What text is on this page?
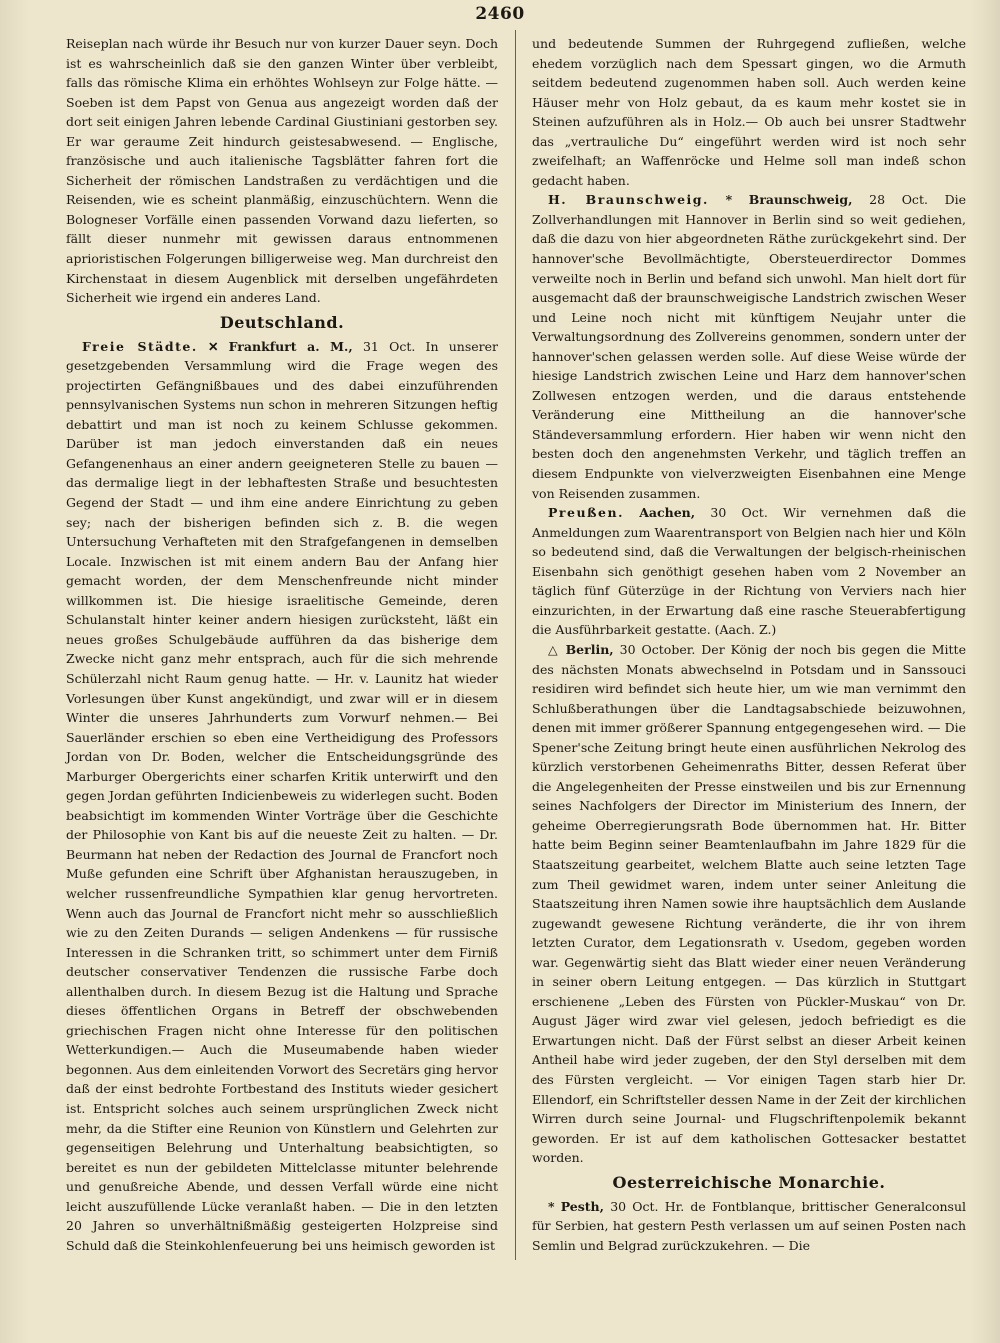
2460

Reiseplan nach würde ihr Besuch nur von kurzer Dauer seyn. Doch ist es wahrscheinlich daß sie den ganzen Winter über verbleibt, falls das römische Klima ein erhöhtes Wohlseyn zur Folge hätte. — Soeben ist dem Papst von Genua aus angezeigt worden daß der dort seit einigen Jahren lebende Cardinal Giustiniani gestorben sey. Er war geraume Zeit hindurch geistesabwesend. — Englische, französische und auch italienische Tagsblätter fahren fort die Sicherheit der römischen Landstraßen zu verdächtigen und die Reisenden, wie es scheint planmäßig, einzuschüchtern. Wenn die Bologneser Vorfälle einen passenden Vorwand dazu lieferten, so fällt dieser nunmehr mit gewissen daraus entnommenen aprioristischen Folgerungen billigerweise weg. Man durchreist den Kirchenstaat in diesem Augenblick mit derselben ungefährdeten Sicherheit wie irgend ein anderes Land.

Deutschland.

Freie Städte. ✕ Frankfurt a. M., 31 Oct. In unserer gesetzgebenden Versammlung wird die Frage wegen des projectirten Gefängnißbaues und des dabei einzuführenden pennsylvanischen Systems nun schon in mehreren Sitzungen heftig debattirt und man ist noch zu keinem Schlusse gekommen. Darüber ist man jedoch einverstanden daß ein neues Gefangenenhaus an einer andern geeigneteren Stelle zu bauen — das dermalige liegt in der lebhaftesten Straße und besuchtesten Gegend der Stadt — und ihm eine andere Einrichtung zu geben sey; nach der bisherigen befinden sich z. B. die wegen Untersuchung Verhafteten mit den Strafgefangenen in demselben Locale. Inzwischen ist mit einem andern Bau der Anfang hier gemacht worden, der dem Menschenfreunde nicht minder willkommen ist. Die hiesige israelitische Gemeinde, deren Schulanstalt hinter keiner andern hiesigen zurücksteht, läßt ein neues großes Schulgebäude aufführen da das bisherige dem Zwecke nicht ganz mehr entsprach, auch für die sich mehrende Schülerzahl nicht Raum genug hatte. — Hr. v. Launitz hat wieder Vorlesungen über Kunst angekündigt, und zwar will er in diesem Winter die unseres Jahrhunderts zum Vorwurf nehmen.— Bei Sauerländer erschien so eben eine Vertheidigung des Professors Jordan von Dr. Boden, welcher die Entscheidungsgründe des Marburger Obergerichts einer scharfen Kritik unterwirft und den gegen Jordan geführten Indicienbeweis zu widerlegen sucht. Boden beabsichtigt im kommenden Winter Vorträge über die Geschichte der Philosophie von Kant bis auf die neueste Zeit zu halten. — Dr. Beurmann hat neben der Redaction des Journal de Francfort noch Muße gefunden eine Schrift über Afghanistan herauszugeben, in welcher russenfreundliche Sympathien klar genug hervortreten. Wenn auch das Journal de Francfort nicht mehr so ausschließlich wie zu den Zeiten Durands — seligen Andenkens — für russische Interessen in die Schranken tritt, so schimmert unter dem Firniß deutscher conservativer Tendenzen die russische Farbe doch allenthalben durch. In diesem Bezug ist die Haltung und Sprache dieses öffentlichen Organs in Betreff der obschwebenden griechischen Fragen nicht ohne Interesse für den politischen Wetterkundigen.— Auch die Museumabende haben wieder begonnen. Aus dem einleitenden Vorwort des Secretärs ging hervor daß der einst bedrohte Fortbestand des Instituts wieder gesichert ist. Entspricht solches auch seinem ursprünglichen Zweck nicht mehr, da die Stifter eine Reunion von Künstlern und Gelehrten zur gegenseitigen Belehrung und Unterhaltung beabsichtigten, so bereitet es nun der gebildeten Mittelclasse mitunter belehrende und genußreiche Abende, und dessen Verfall würde eine nicht leicht auszufüllende Lücke veranlaßt haben. — Die in den letzten 20 Jahren so unverhältnißmäßig gesteigerten Holzpreise sind Schuld daß die Steinkohlenfeuerung bei uns heimisch geworden ist

und bedeutende Summen der Ruhrgegend zufließen, welche ehedem vorzüglich nach dem Spessart gingen, wo die Armuth seitdem bedeutend zugenommen haben soll. Auch werden keine Häuser mehr von Holz gebaut, da es kaum mehr kostet sie in Steinen aufzuführen als in Holz.— Ob auch bei unsrer Stadtwehr das „vertrauliche Du“ eingeführt werden wird ist noch sehr zweifelhaft; an Waffenröcke und Helme soll man indeß schon gedacht haben.

H. Braunschweig. * Braunschweig, 28 Oct. Die Zollverhandlungen mit Hannover in Berlin sind so weit gediehen, daß die dazu von hier abgeordneten Räthe zurückgekehrt sind. Der hannover'sche Bevollmächtigte, Obersteuerdirector Dommes verweilte noch in Berlin und befand sich unwohl. Man hielt dort für ausgemacht daß der braunschweigische Landstrich zwischen Weser und Leine noch nicht mit künftigem Neujahr unter die Verwaltungsordnung des Zollvereins genommen, sondern unter der hannover'schen gelassen werden solle. Auf diese Weise würde der hiesige Landstrich zwischen Leine und Harz dem hannover'schen Zollwesen entzogen werden, und die daraus entstehende Veränderung eine Mittheilung an die hannover'sche Ständeversammlung erfordern. Hier haben wir wenn nicht den besten doch den angenehmsten Verkehr, und täglich treffen an diesem Endpunkte von vielverzweigten Eisenbahnen eine Menge von Reisenden zusammen.

Preußen. Aachen, 30 Oct. Wir vernehmen daß die Anmeldungen zum Waarentransport von Belgien nach hier und Köln so bedeutend sind, daß die Verwaltungen der belgisch-rheinischen Eisenbahn sich genöthigt gesehen haben vom 2 November an täglich fünf Güterzüge in der Richtung von Verviers nach hier einzurichten, in der Erwartung daß eine rasche Steuerabfertigung die Ausführbarkeit gestatte. (Aach. Z.)

△ Berlin, 30 October. Der König der noch bis gegen die Mitte des nächsten Monats abwechselnd in Potsdam und in Sanssouci residiren wird befindet sich heute hier, um wie man vernimmt den Schlußberathungen über die Landtagsabschiede beizuwohnen, denen mit immer größerer Spannung entgegengesehen wird. — Die Spener'sche Zeitung bringt heute einen ausführlichen Nekrolog des kürzlich verstorbenen Geheimenraths Bitter, dessen Referat über die Angelegenheiten der Presse einstweilen und bis zur Ernennung seines Nachfolgers der Director im Ministerium des Innern, der geheime Oberregierungsrath Bode übernommen hat. Hr. Bitter hatte beim Beginn seiner Beamtenlaufbahn im Jahre 1829 für die Staatszeitung gearbeitet, welchem Blatte auch seine letzten Tage zum Theil gewidmet waren, indem unter seiner Anleitung die Staatszeitung ihren Namen sowie ihre hauptsächlich dem Auslande zugewandt gewesene Richtung veränderte, die ihr von ihrem letzten Curator, dem Legationsrath v. Usedom, gegeben worden war. Gegenwärtig sieht das Blatt wieder einer neuen Veränderung in seiner obern Leitung entgegen. — Das kürzlich in Stuttgart erschienene „Leben des Fürsten von Pückler-Muskau“ von Dr. August Jäger wird zwar viel gelesen, jedoch befriedigt es die Erwartungen nicht. Daß der Fürst selbst an dieser Arbeit keinen Antheil habe wird jeder zugeben, der den Styl derselben mit dem des Fürsten vergleicht. — Vor einigen Tagen starb hier Dr. Ellendorf, ein Schriftsteller dessen Name in der Zeit der kirchlichen Wirren durch seine Journal- und Flugschriftenpolemik bekannt geworden. Er ist auf dem katholischen Gottesacker bestattet worden.

Oesterreichische Monarchie.

* Pesth, 30 Oct. Hr. de Fontblanque, brittischer Generalconsul für Serbien, hat gestern Pesth verlassen um auf seinen Posten nach Semlin und Belgrad zurückzukehren. — Die
